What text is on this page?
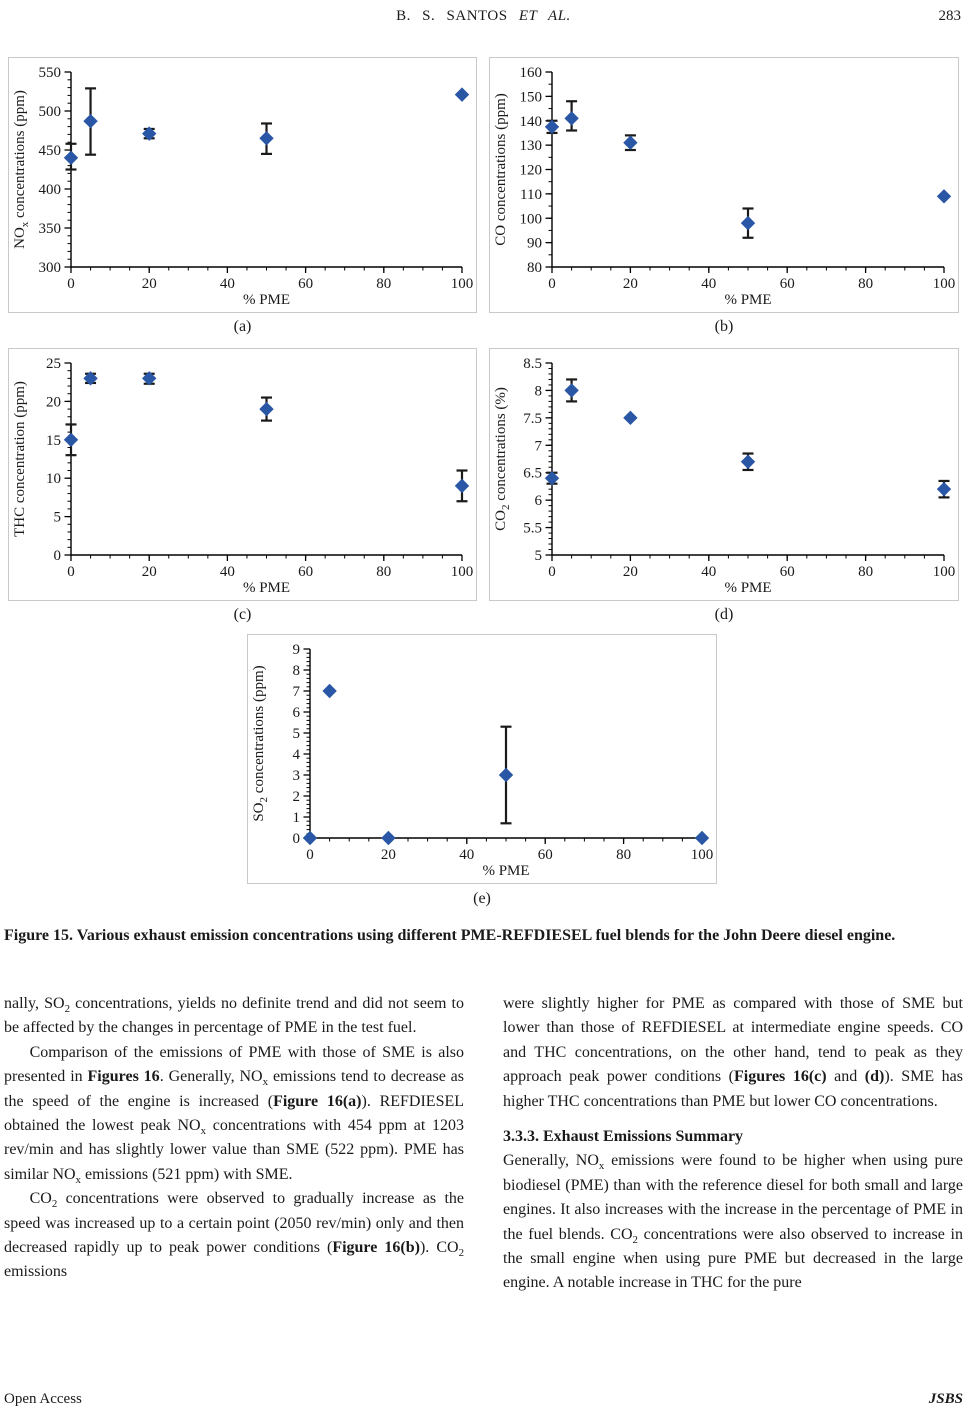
B. S. SANTOS ET AL.	283
300
350
400
450
500
550
0	20	40	60	80	100
% PME
$NO_x$ concentrations (ppm)
(a)
80
90
100
110
120
130
140
150
160
0	20	40	60	80	100
% PME
CO concentrations (ppm)
(b)
0
5
10
15
20
25
0	20	40	60	80	100
% PME
THC concentration (ppm)
(c)
5
5.5
6
6.5
7
7.5
8
8.5
0	20	40	60	80	100
% PME
$CO_2$ concentrations (%)
(d)
0
1
2
3
4
5
6
7
8
9
0	20	40	60	80	100
% PME
$SO_2$ concentrations (ppm)
(e)

Figure 15. Various exhaust emission concentrations using different PME-REFDIESEL fuel blends for the John Deere diesel engine.

nally, $SO_2$ concentrations, yields no definite trend and did not seem to be affected by the changes in percentage of PME in the test fuel.

Comparison of the emissions of PME with those of SME is also presented in Figures 16. Generally, $NO_x$ emissions tend to decrease as the speed of the engine is increased (Figure 16(a)). REFDIESEL obtained the lowest peak $NO_x$ concentrations with 454 ppm at 1203 rev/min and has slightly lower value than SME (522 ppm). PME has similar $NO_x$ emissions (521 ppm) with SME.

$CO_2$ concentrations were observed to gradually increase as the speed was increased up to a certain point (2050 rev/min) only and then decreased rapidly up to peak power conditions (Figure 16(b)). $CO_2$ emissions

were slightly higher for PME as compared with those of SME but lower than those of REFDIESEL at intermediate engine speeds. CO and THC concentrations, on the other hand, tend to peak as they approach peak power conditions (Figures 16(c) and (d)). SME has higher THC concentrations than PME but lower CO concentrations.

3.3.3. Exhaust Emissions Summary

Generally, $NO_x$ emissions were found to be higher when using pure biodiesel (PME) than with the reference diesel for both small and large engines. It also increases with the increase in the percentage of PME in the fuel blends. $CO_2$ concentrations were also observed to increase in the small engine when using pure PME but decreased in the large engine. A notable increase in THC for the pure

Open Access	JSBS
